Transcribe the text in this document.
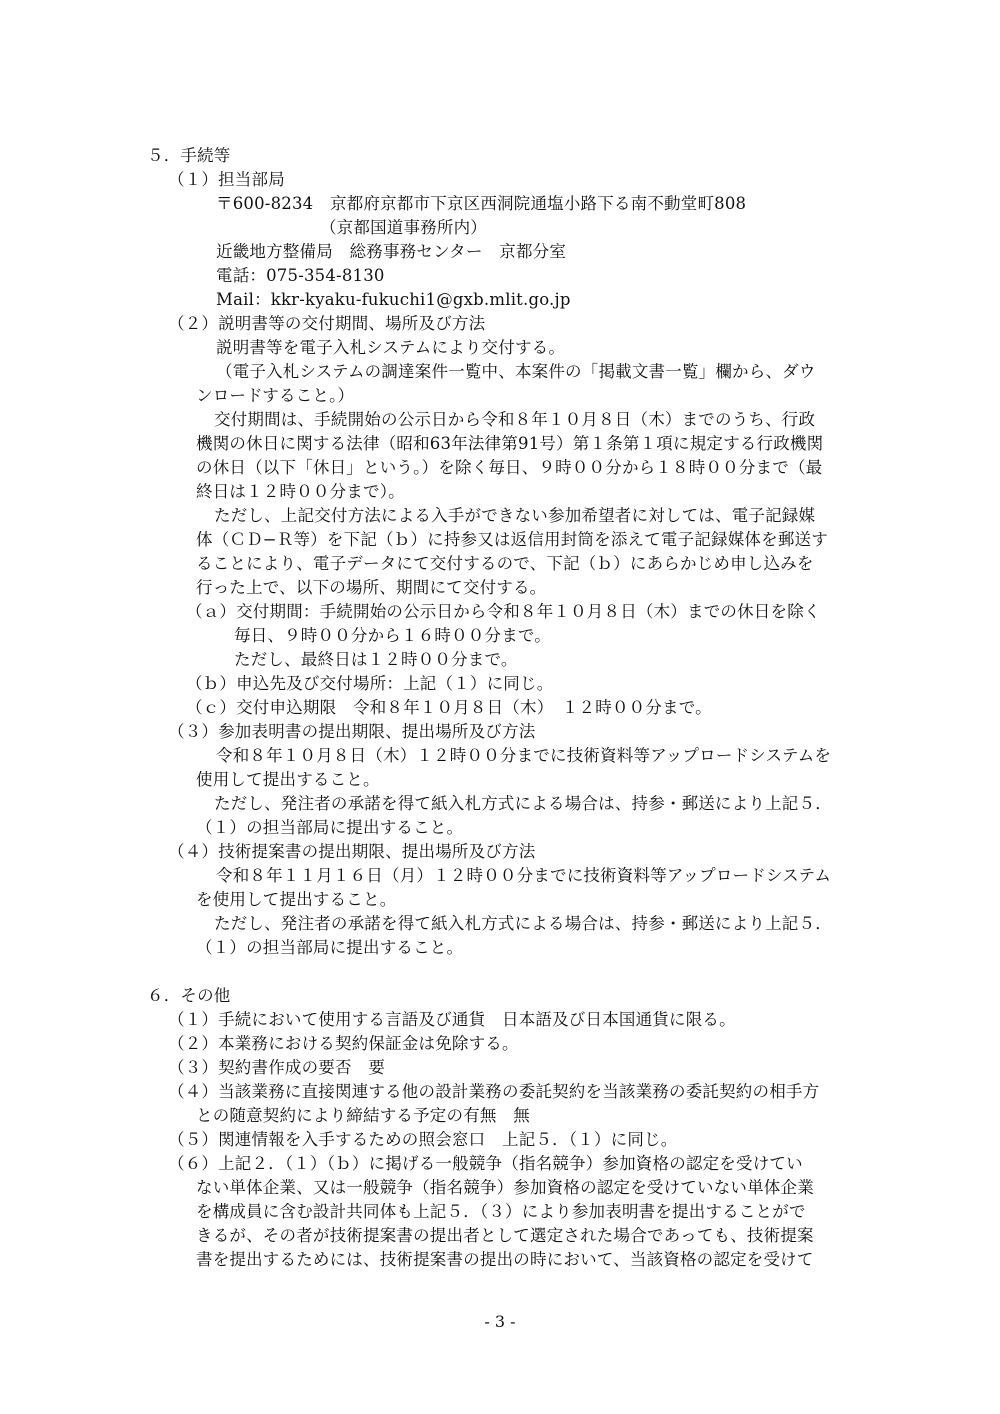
５．手続等
（１）担当部局
〒600-8234　京都府京都市下京区西洞院通塩小路下る南不動堂町808
（京都国道事務所内）
近畿地方整備局　総務事務センター　京都分室
電話：075-354-8130
Mail：kkr-kyaku-fukuchi1@gxb.mlit.go.jp
（２）説明書等の交付期間、場所及び方法
説明書等を電子入札システムにより交付する。
（電子入札システムの調達案件一覧中、本案件の「掲載文書一覧」欄から、ダウ
ンロードすること。）
交付期間は、手続開始の公示日から令和８年１０月８日（木）までのうち、行政
機関の休日に関する法律（昭和63年法律第91号）第１条第１項に規定する行政機関
の休日（以下「休日」という。）を除く毎日、９時００分から１８時００分まで（最
終日は１２時００分まで）。
ただし、上記交付方法による入手ができない参加希望者に対しては、電子記録媒
体（ＣＤ−Ｒ等）を下記（ｂ）に持参又は返信用封筒を添えて電子記録媒体を郵送す
ることにより、電子データにて交付するので、下記（ｂ）にあらかじめ申し込みを
行った上で、以下の場所、期間にて交付する。
（ａ）交付期間：手続開始の公示日から令和８年１０月８日（木）までの休日を除く
毎日、９時００分から１６時００分まで。
ただし、最終日は１２時００分まで。
（ｂ）申込先及び交付場所：上記（１）に同じ。
（ｃ）交付申込期限　令和８年１０月８日（木）　１２時００分まで。
（３）参加表明書の提出期限、提出場所及び方法
令和８年１０月８日（木）１２時００分までに技術資料等アップロードシステムを
使用して提出すること。
ただし、発注者の承諾を得て紙入札方式による場合は、持参・郵送により上記５．
（１）の担当部局に提出すること。
（４）技術提案書の提出期限、提出場所及び方法
令和８年１１月１６日（月）１２時００分までに技術資料等アップロードシステム
を使用して提出すること。
ただし、発注者の承諾を得て紙入札方式による場合は、持参・郵送により上記５．
（１）の担当部局に提出すること。
６．その他
（１）手続において使用する言語及び通貨　日本語及び日本国通貨に限る。
（２）本業務における契約保証金は免除する。
（３）契約書作成の要否　要
（４）当該業務に直接関連する他の設計業務の委託契約を当該業務の委託契約の相手方
との随意契約により締結する予定の有無　無
（５）関連情報を入手するための照会窓口　上記５．（１）に同じ。
（６）上記２．（１）（ｂ）に掲げる一般競争（指名競争）参加資格の認定を受けてい
ない単体企業、又は一般競争（指名競争）参加資格の認定を受けていない単体企業
を構成員に含む設計共同体も上記５．（３）により参加表明書を提出することがで
きるが、その者が技術提案書の提出者として選定された場合であっても、技術提案
書を提出するためには、技術提案書の提出の時において、当該資格の認定を受けて
- 3 -
